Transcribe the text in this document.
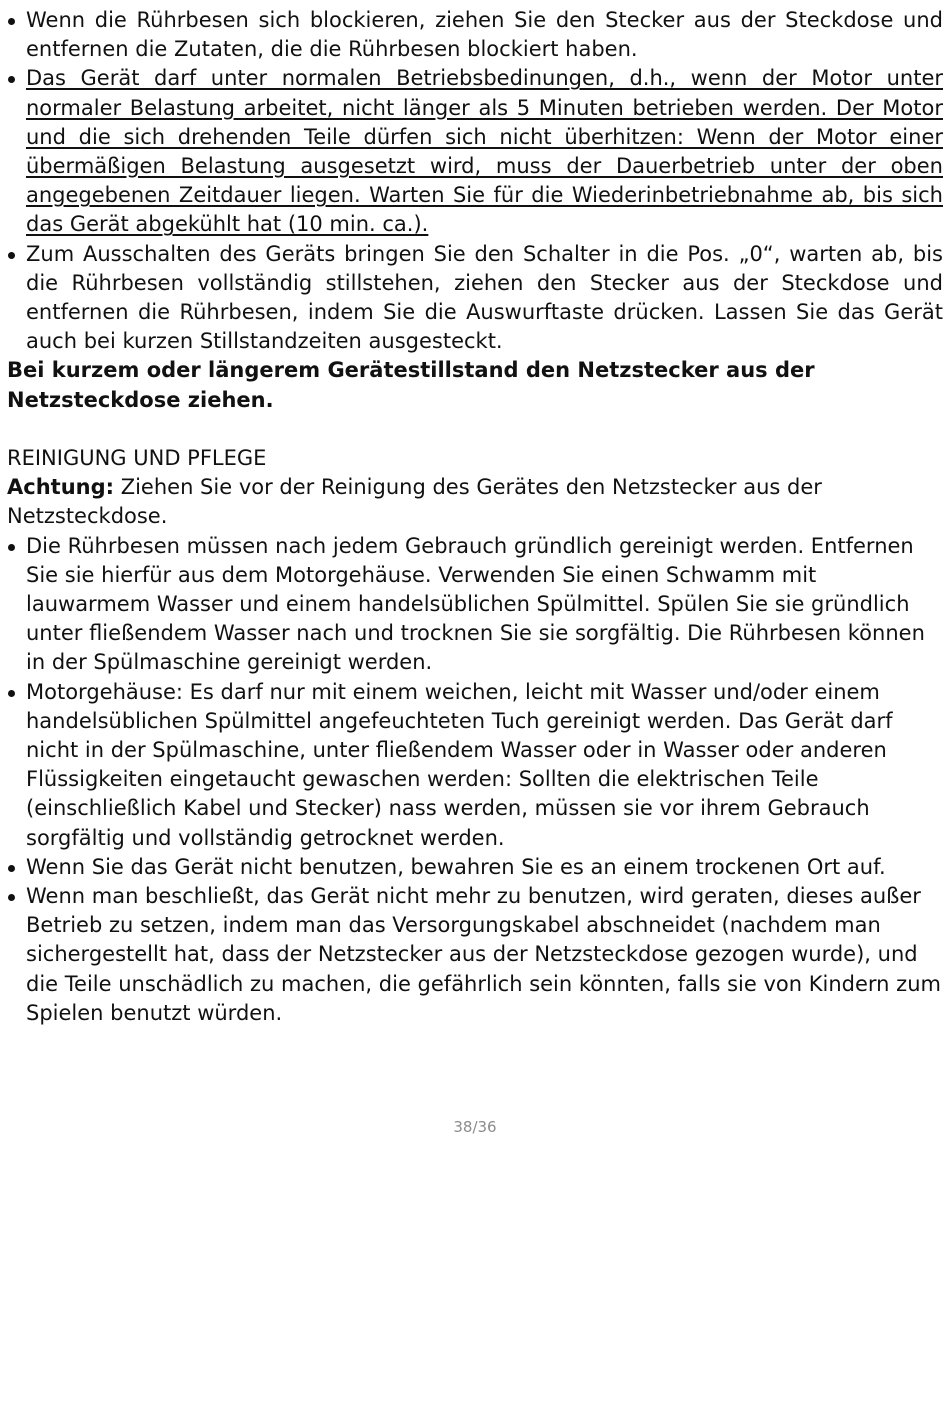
Wenn die Rührbesen sich blockieren, ziehen Sie den Stecker aus der Steckdose und entfernen die Zutaten, die die Rührbesen blockiert haben.
Das Gerät darf unter normalen Betriebsbedinungen, d.h., wenn der Motor unter normaler Belastung arbeitet, nicht länger als 5 Minuten betrieben werden. Der Motor und die sich drehenden Teile dürfen sich nicht überhitzen: Wenn der Motor einer übermäßigen Belastung ausgesetzt wird, muss der Dauerbetrieb unter der oben angegebenen Zeitdauer liegen. Warten Sie für die Wiederinbetriebnahme ab, bis sich das Gerät abgekühlt hat (10 min. ca.).
Zum Ausschalten des Geräts bringen Sie den Schalter in die Pos. „0“, warten ab, bis die Rührbesen vollständig stillstehen, ziehen den Stecker aus der Steckdose und entfernen die Rührbesen, indem Sie die Auswurftaste drücken. Lassen Sie das Gerät auch bei kurzen Stillstandzeiten ausgesteckt.

Bei kurzem oder längerem Gerätestillstand den Netzstecker aus der Netzsteckdose ziehen.

REINIGUNG UND PFLEGE

Achtung: Ziehen Sie vor der Reinigung des Gerätes den Netzstecker aus der Netzsteckdose.

Die Rührbesen müssen nach jedem Gebrauch gründlich gereinigt werden. Entfernen Sie sie hierfür aus dem Motorgehäuse. Verwenden Sie einen Schwamm mit lauwarmem Wasser und einem handelsüblichen Spülmittel. Spülen Sie sie gründlich unter fließendem Wasser nach und trocknen Sie sie sorgfältig. Die Rührbesen können in der Spülmaschine gereinigt werden.
Motorgehäuse: Es darf nur mit einem weichen, leicht mit Wasser und/oder einem handelsüblichen Spülmittel angefeuchteten Tuch gereinigt werden. Das Gerät darf nicht in der Spülmaschine, unter fließendem Wasser oder in Wasser oder anderen Flüssigkeiten eingetaucht gewaschen werden: Sollten die elektrischen Teile (einschließlich Kabel und Stecker) nass werden, müssen sie vor ihrem Gebrauch sorgfältig und vollständig getrocknet werden.
Wenn Sie das Gerät nicht benutzen, bewahren Sie es an einem trockenen Ort auf.
Wenn man beschließt, das Gerät nicht mehr zu benutzen, wird geraten, dieses außer Betrieb zu setzen, indem man das Versorgungskabel abschneidet (nachdem man sichergestellt hat, dass der Netzstecker aus der Netzsteckdose gezogen wurde), und die Teile unschädlich zu machen, die gefährlich sein könnten, falls sie von Kindern zum Spielen benutzt würden.
38/36
